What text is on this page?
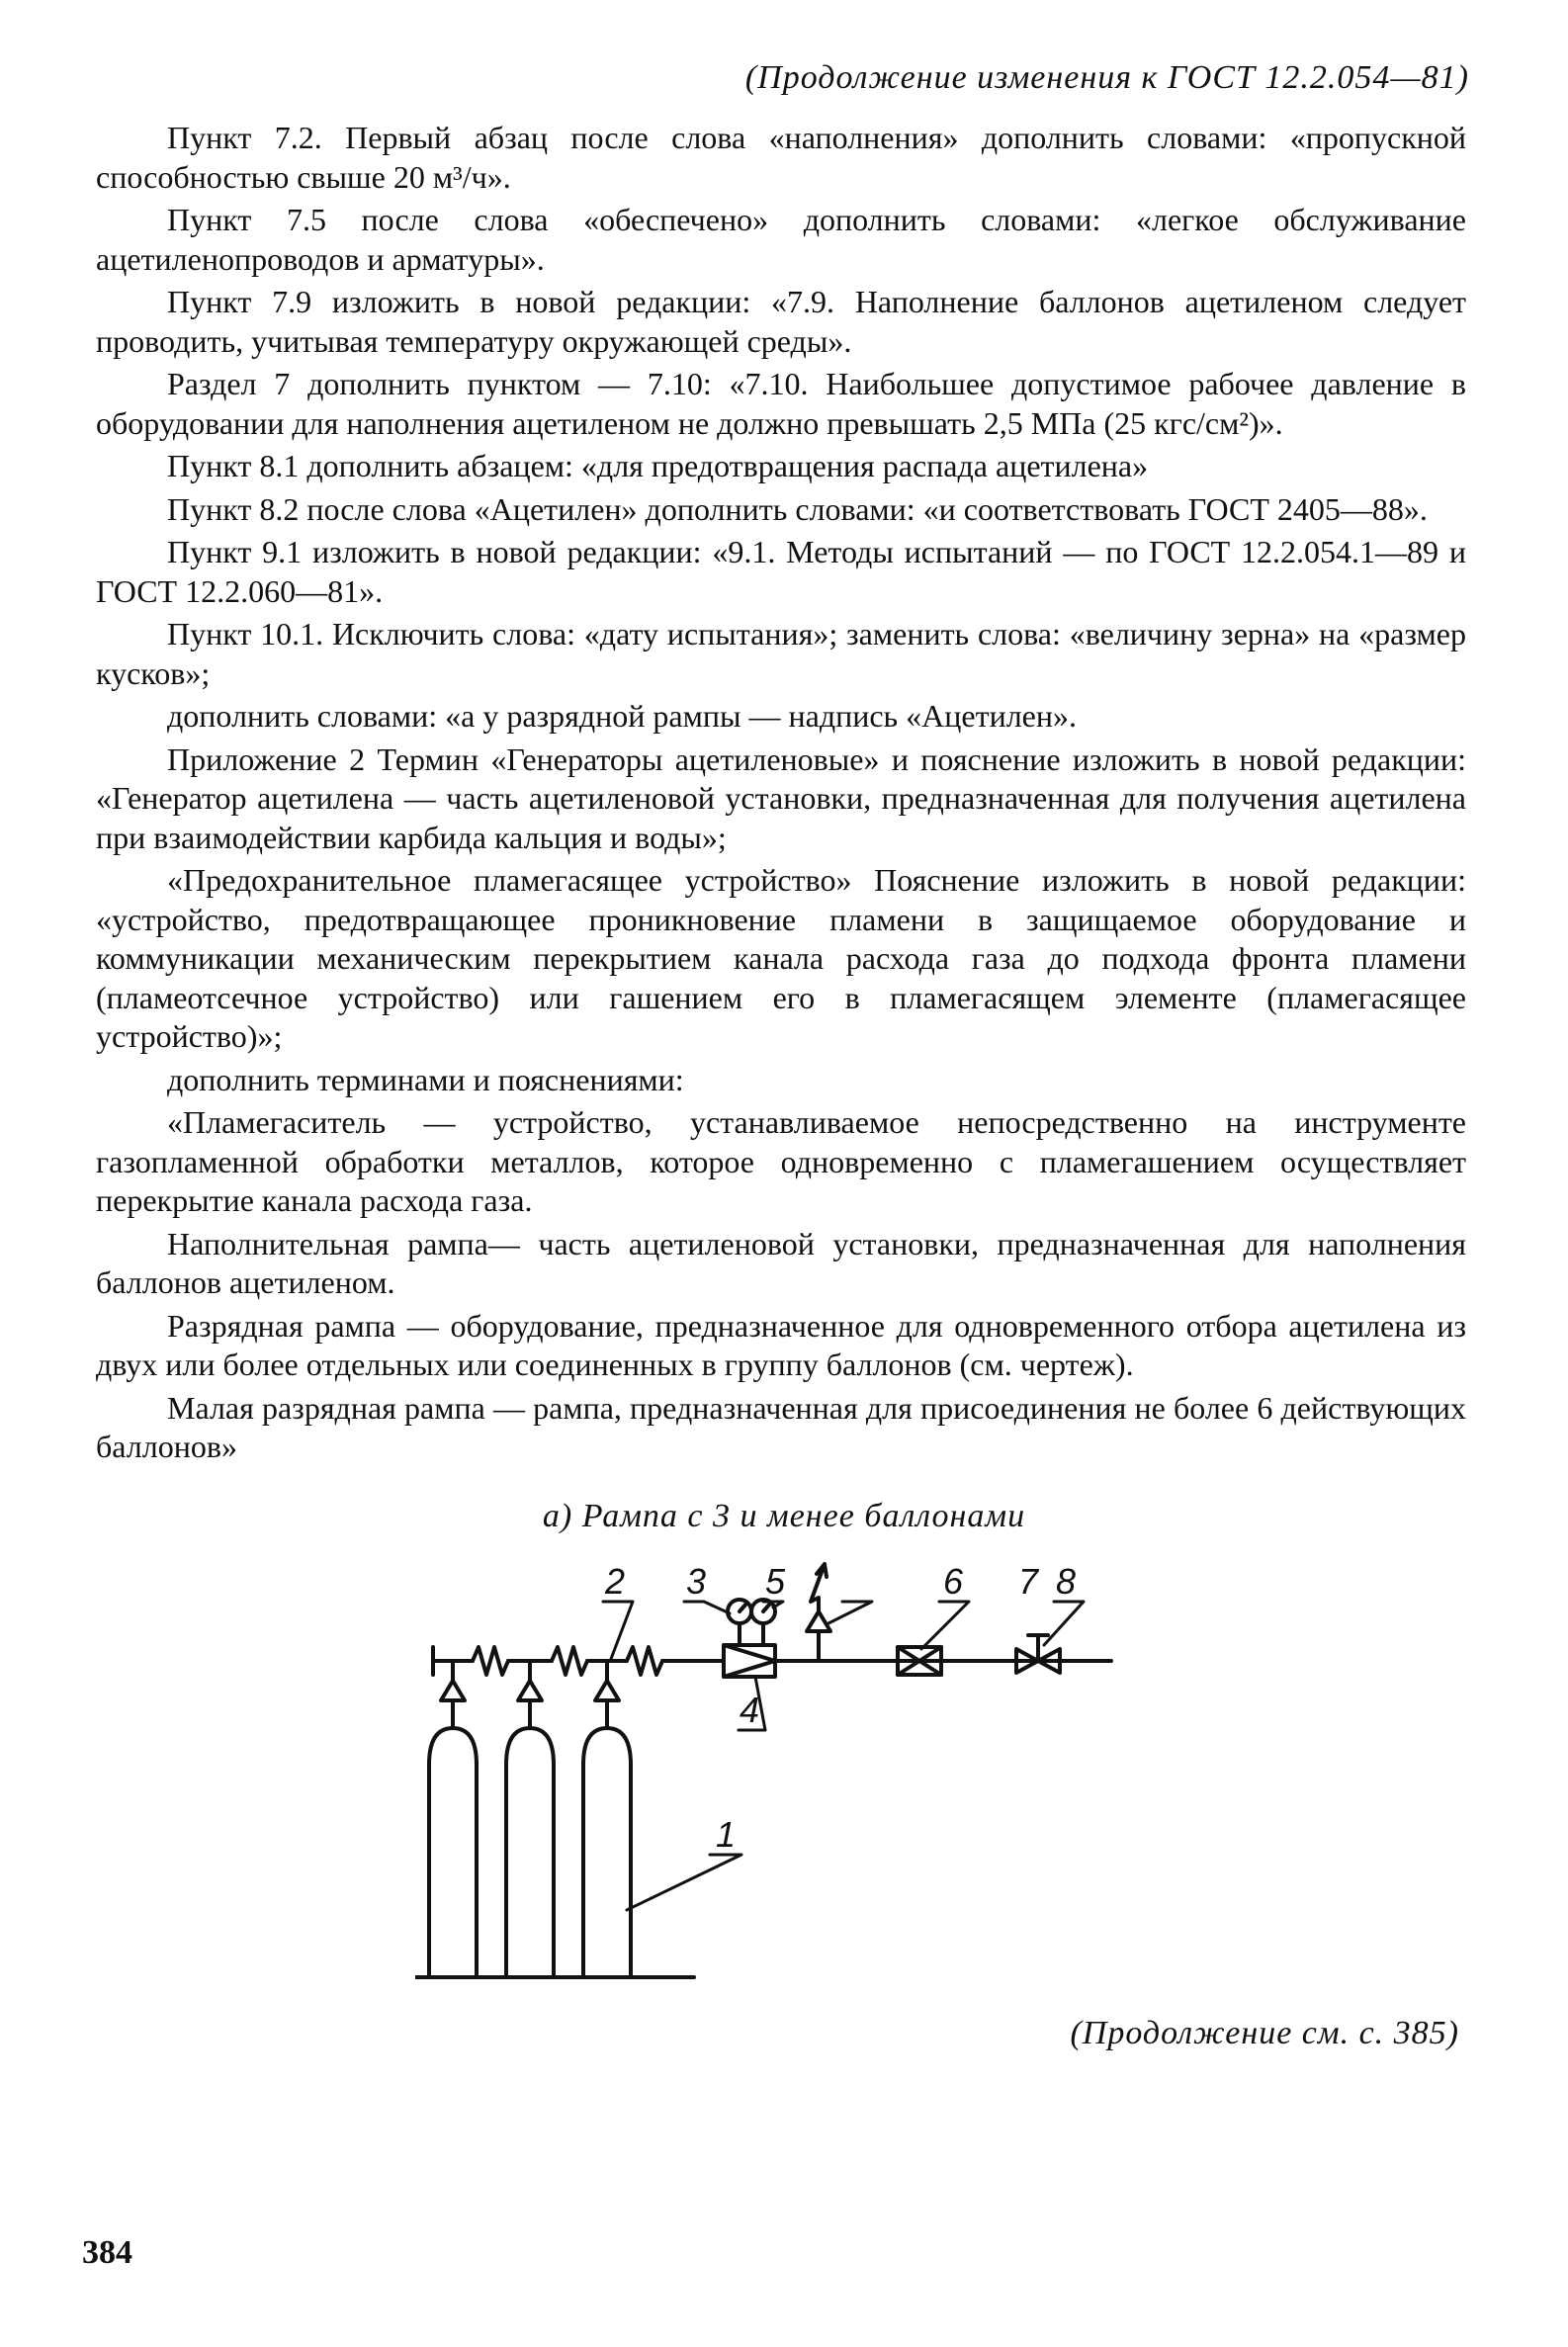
(Продолжение изменения к ГОСТ 12.2.054—81)

Пункт 7.2. Первый абзац после слова «наполнения» дополнить словами: «пропускной способностью свыше 20 м³/ч».

Пункт 7.5 после слова «обеспечено» дополнить словами: «легкое обслуживание ацетиленопроводов и арматуры».

Пункт 7.9 изложить в новой редакции: «7.9. Наполнение баллонов ацетиленом следует проводить, учитывая температуру окружающей среды».

Раздел 7 дополнить пунктом — 7.10: «7.10. Наибольшее допустимое рабочее давление в оборудовании для наполнения ацетиленом не должно превышать 2,5 МПа (25 кгс/см²)».

Пункт 8.1 дополнить абзацем: «для предотвращения распада ацетилена»

Пункт 8.2 после слова «Ацетилен» дополнить словами: «и соответствовать ГОСТ 2405—88».

Пункт 9.1 изложить в новой редакции: «9.1. Методы испытаний — по ГОСТ 12.2.054.1—89 и ГОСТ 12.2.060—81».

Пункт 10.1. Исключить слова: «дату испытания»; заменить слова: «величину зерна» на «размер кусков»;

дополнить словами: «а у разрядной рампы — надпись «Ацетилен».

Приложение 2 Термин «Генераторы ацетиленовые» и пояснение изложить в новой редакции: «Генератор ацетилена — часть ацетиленовой установки, предназначенная для получения ацетилена при взаимодействии карбида кальция и воды»;

«Предохранительное пламегасящее устройство» Пояснение изложить в новой редакции: «устройство, предотвращающее проникновение пламени в защищаемое оборудование и коммуникации механическим перекрытием канала расхода газа до подхода фронта пламени (пламеотсечное устройство) или гашением его в пламегасящем элементе (пламегасящее устройство)»;

дополнить терминами и пояснениями:

«Пламегаситель — устройство, устанавливаемое непосредственно на инструменте газопламенной обработки металлов, которое одновременно с пламегашением осуществляет перекрытие канала расхода газа.

Наполнительная рампа— часть ацетиленовой установки, предназначенная для наполнения баллонов ацетиленом.

Разрядная рампа — оборудование, предназначенное для одновременного отбора ацетилена из двух или более отдельных или соединенных в группу баллонов (см. чертеж).

Малая разрядная рампа — рампа, предназначенная для присоединения не более 6 действующих баллонов»

а) Рампа с 3 и менее баллонами
2 3 5	6 7 8
4
1
(Продолжение см. с. 385)
384
